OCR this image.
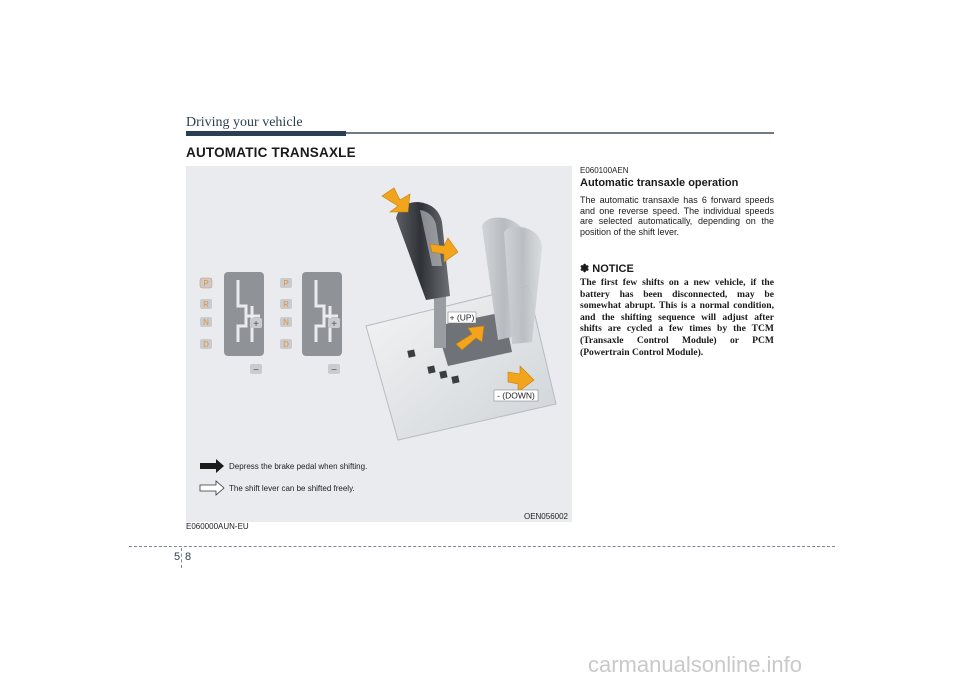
Driving your vehicle
AUTOMATIC TRANSAXLE
P
R
N
D
+
−
P
R
N
D
+
−
+ (UP)
- (DOWN)
Depress the brake pedal when shifting.
The shift lever can be shifted freely.
OEN056002
E060000AUN-EU
E060100AEN
Automatic transaxle operation
The automatic transaxle has 6 forward speeds and one reverse speed. The individual speeds are selected automatically, depending on the position of the shift lever.
✽ NOTICE
The first few shifts on a new vehicle, if the battery has been disconnected, may be somewhat abrupt. This is a normal condition, and the shifting sequence will adjust after shifts are cycled a few times by the TCM (Transaxle Control Module) or PCM (Powertrain Control Module).
5 8
carmanualsonline.info
